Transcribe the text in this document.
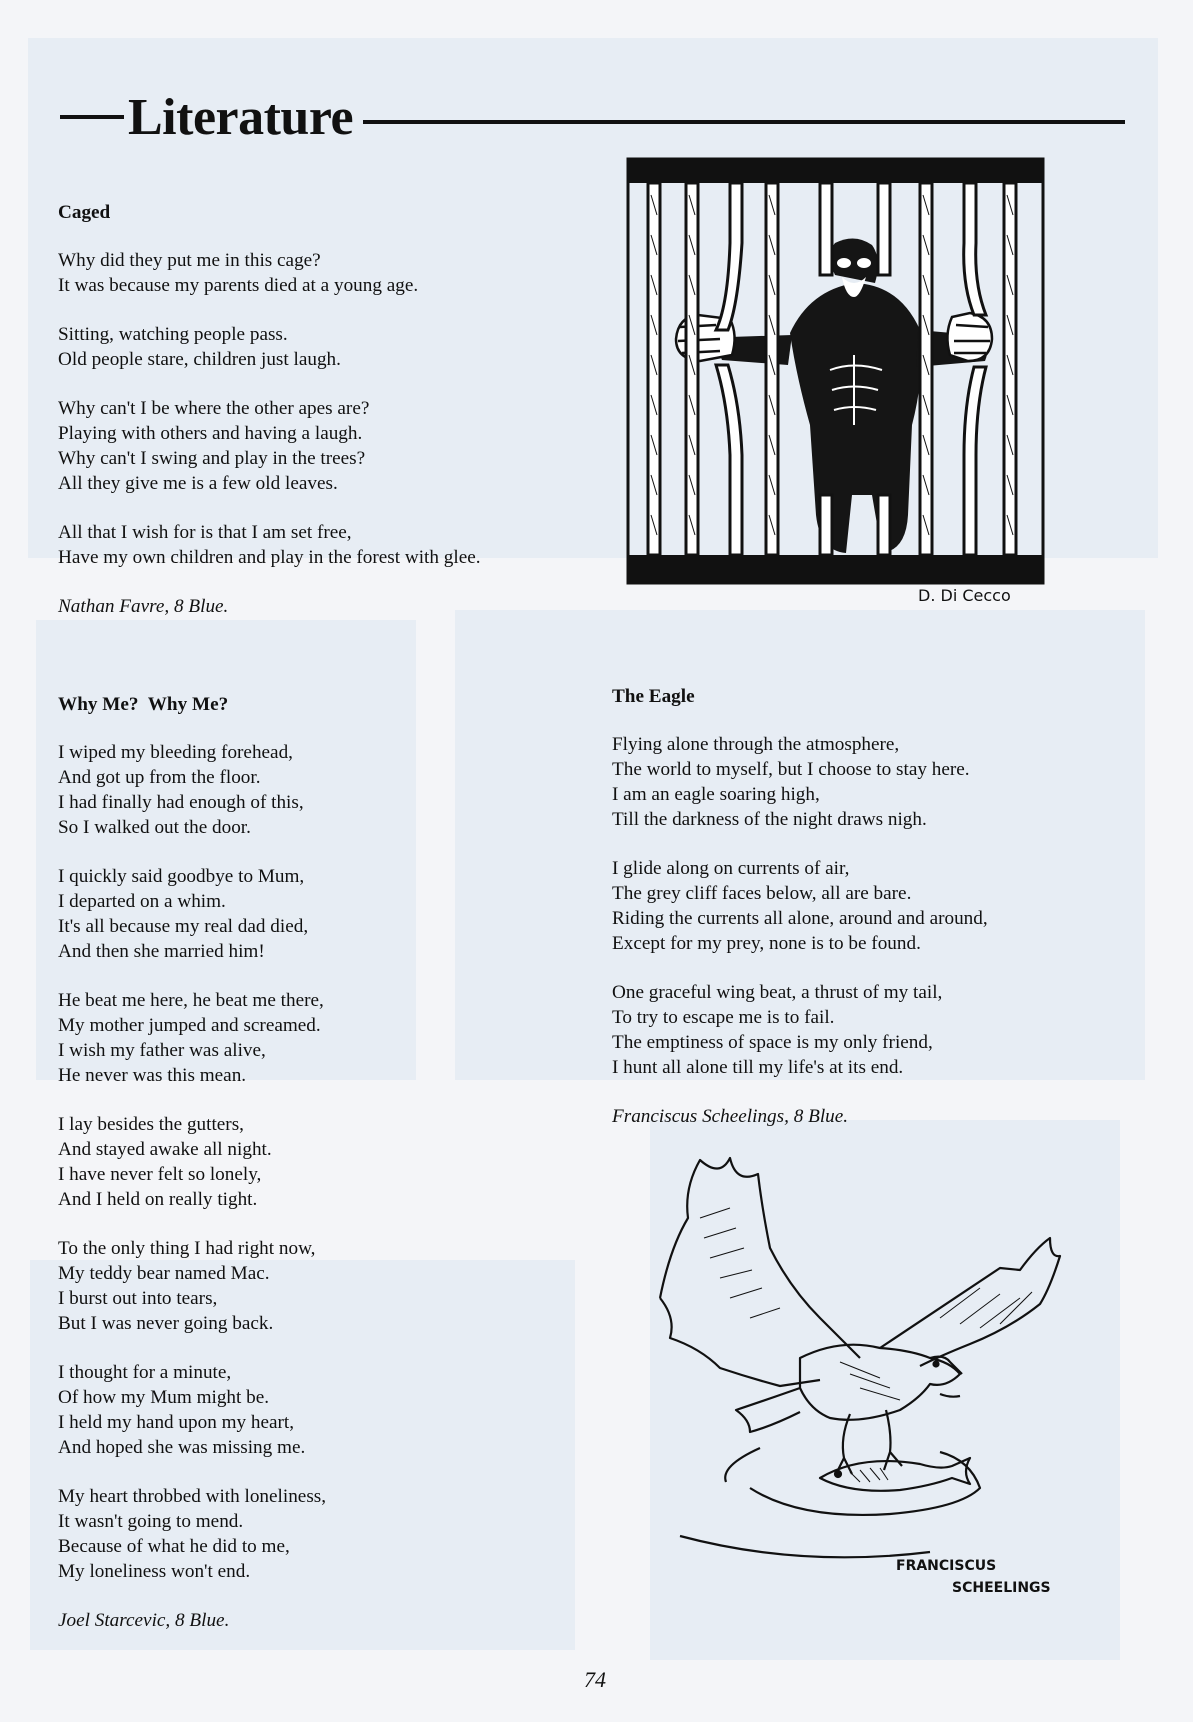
Literature
Caged
Why did they put me in this cage?
It was because my parents died at a young age.
Sitting, watching people pass.
Old people stare, children just laugh.
Why can't I be where the other apes are?
Playing with others and having a laugh.
Why can't I swing and play in the trees?
All they give me is a few old leaves.
All that I wish for is that I am set free,
Have my own children and play in the forest with glee.
Nathan Favre, 8 Blue.
Why Me?  Why Me?
I wiped my bleeding forehead,
And got up from the floor.
I had finally had enough of this,
So I walked out the door.
I quickly said goodbye to Mum,
I departed on a whim.
It's all because my real dad died,
And then she married him!
He beat me here, he beat me there,
My mother jumped and screamed.
I wish my father was alive,
He never was this mean.
I lay besides the gutters,
And stayed awake all night.
I have never felt so lonely,
And I held on really tight.
To the only thing I had right now,
My teddy bear named Mac.
I burst out into tears,
But I was never going back.
I thought for a minute,
Of how my Mum might be.
I held my hand upon my heart,
And hoped she was missing me.
My heart throbbed with loneliness,
It wasn't going to mend.
Because of what he did to me,
My loneliness won't end.
Joel Starcevic, 8 Blue.
The Eagle
Flying alone through the atmosphere,
The world to myself, but I choose to stay here.
I am an eagle soaring high,
Till the darkness of the night draws nigh.
I glide along on currents of air,
The grey cliff faces below, all are bare.
Riding the currents all alone, around and around,
Except for my prey, none is to be found.
One graceful wing beat, a thrust of my tail,
To try to escape me is to fail.
The emptiness of space is my only friend,
I hunt all alone till my life's at its end.
Franciscus Scheelings, 8 Blue.
D. Di Cecco
FRANCISCUS
SCHEELINGS
74
